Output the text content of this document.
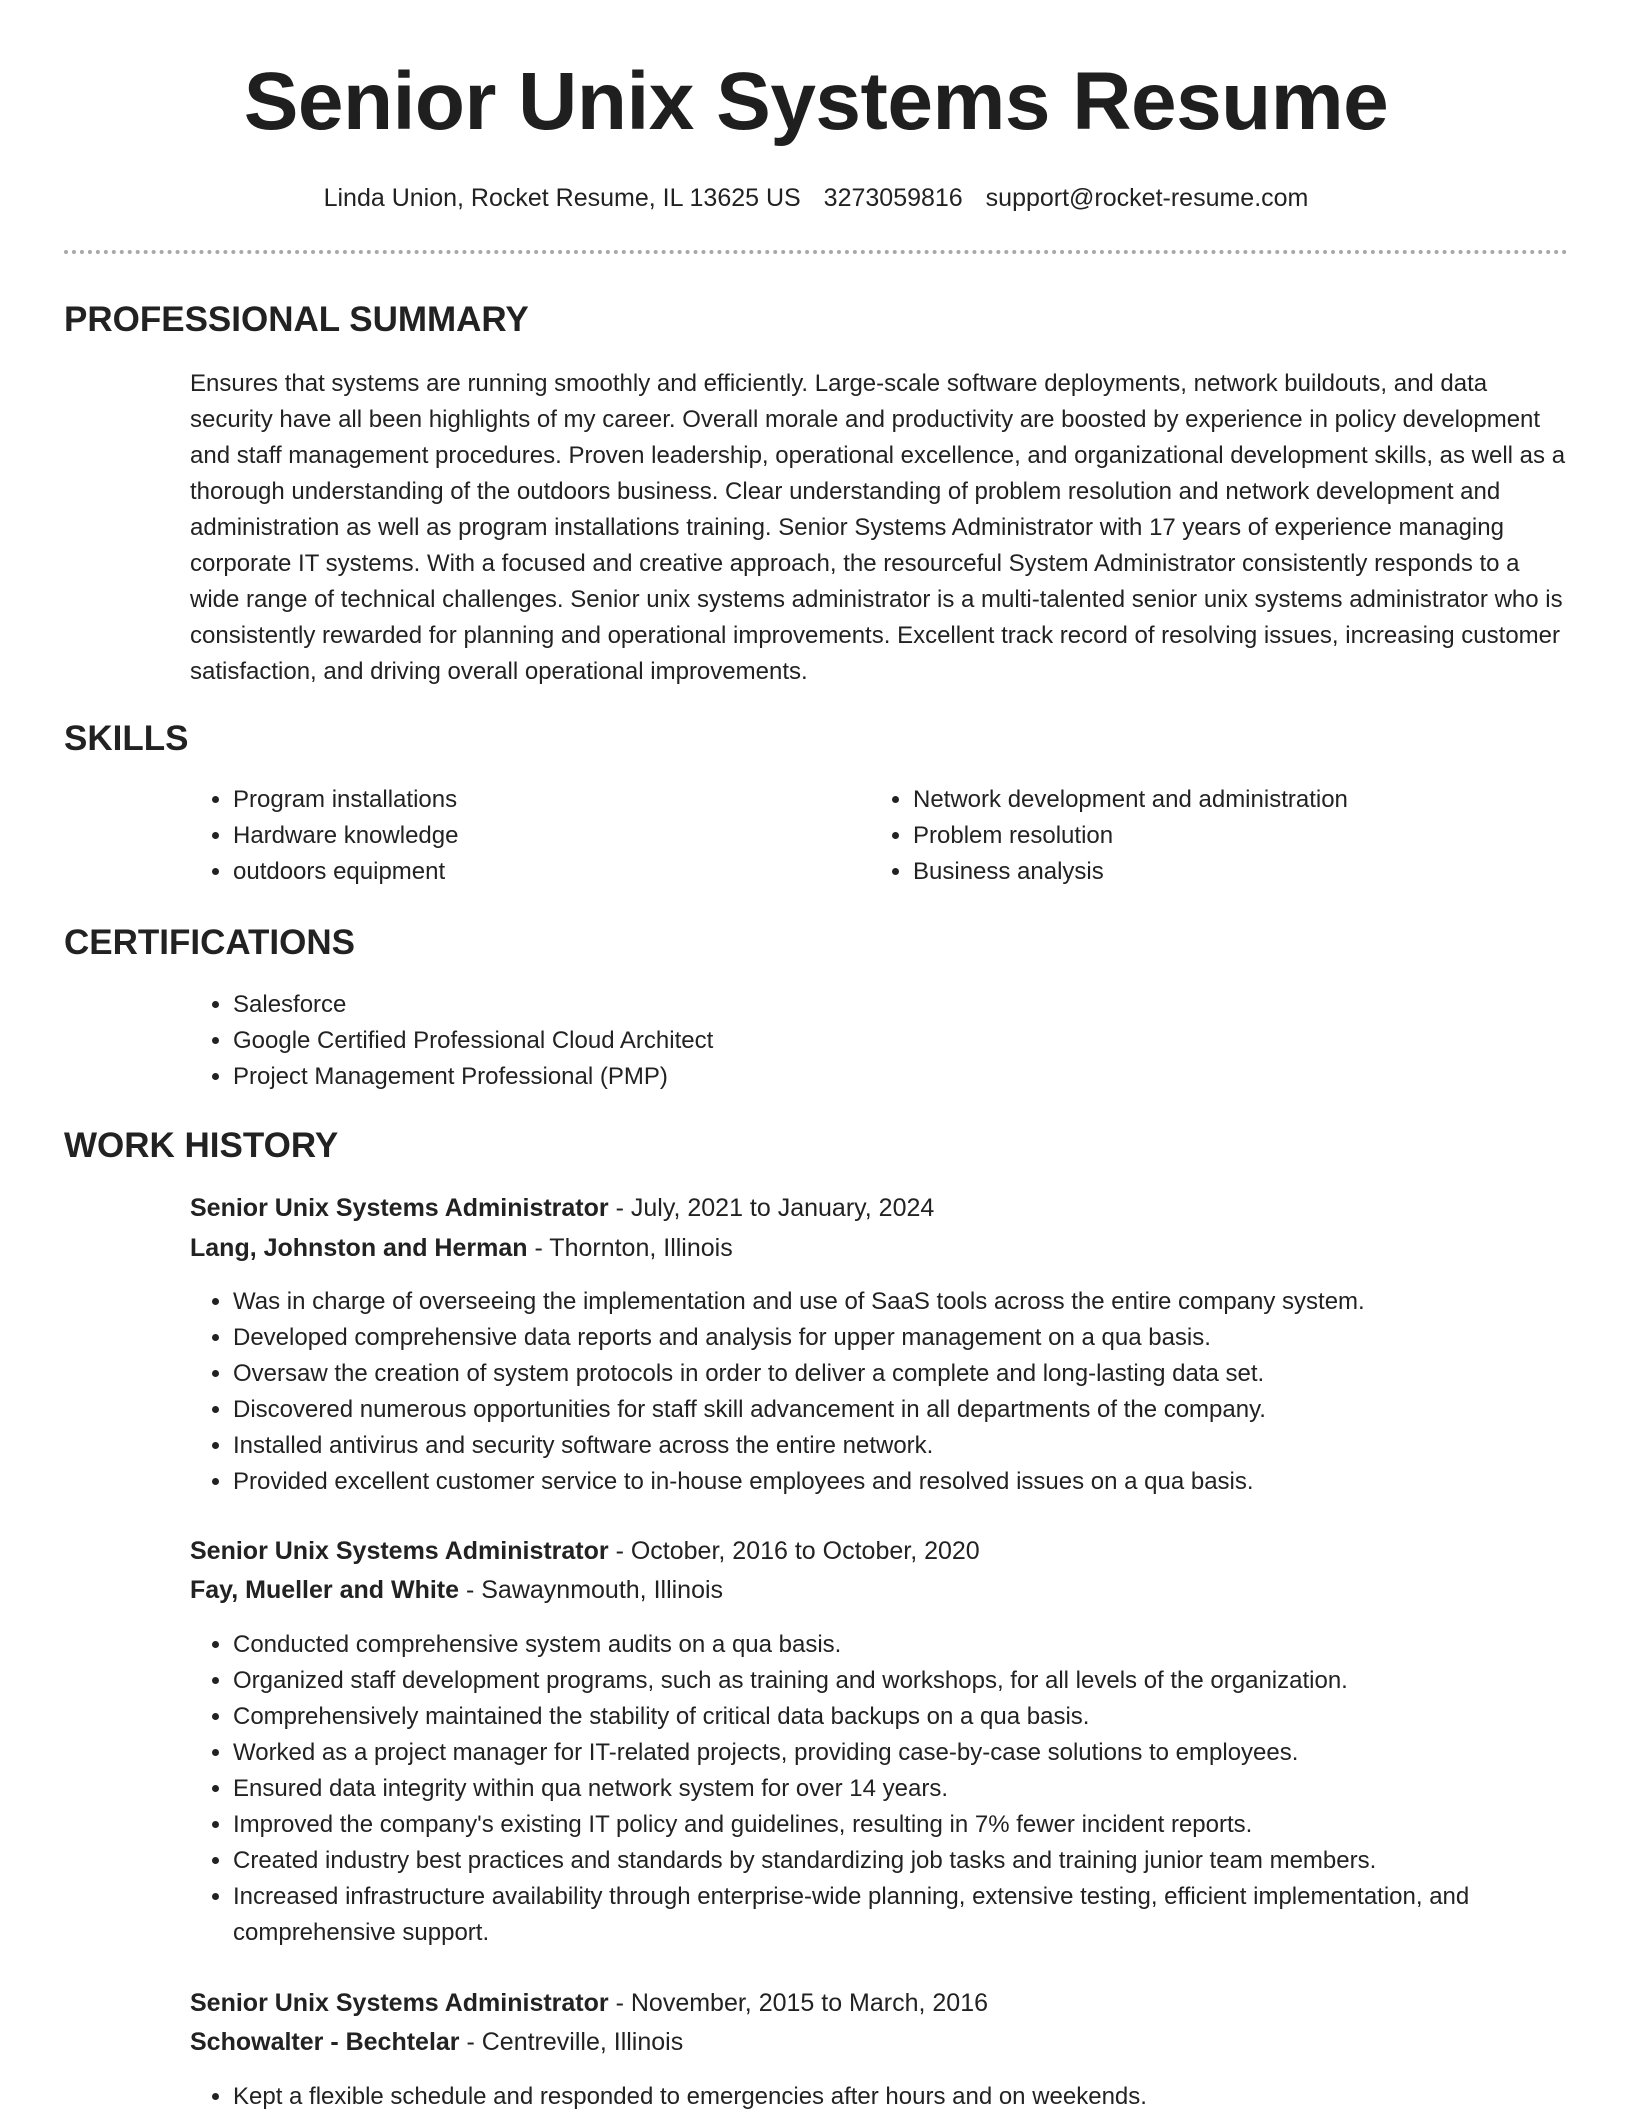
Senior Unix Systems Resume
Linda Union, Rocket Resume, IL 13625 US 3273059816 support@rocket-resume.com
PROFESSIONAL SUMMARY

Ensures that systems are running smoothly and efficiently. Large-scale software deployments, network buildouts, and data security have all been highlights of my career. Overall morale and productivity are boosted by experience in policy development and staff management procedures. Proven leadership, operational excellence, and organizational development skills, as well as a thorough understanding of the outdoors business. Clear understanding of problem resolution and network development and administration as well as program installations training. Senior Systems Administrator with 17 years of experience managing corporate IT systems. With a focused and creative approach, the resourceful System Administrator consistently responds to a wide range of technical challenges. Senior unix systems administrator is a multi-talented senior unix systems administrator who is consistently rewarded for planning and operational improvements. Excellent track record of resolving issues, increasing customer satisfaction, and driving overall operational improvements.

SKILLS
• Program installations
• Hardware knowledge
• outdoors equipment
• Network development and administration
• Problem resolution
• Business analysis
CERTIFICATIONS
• Salesforce
• Google Certified Professional Cloud Architect
• Project Management Professional (PMP)
WORK HISTORY
Senior Unix Systems Administrator - July, 2021 to January, 2024
Lang, Johnston and Herman - Thornton, Illinois
• Was in charge of overseeing the implementation and use of SaaS tools across the entire company system.
• Developed comprehensive data reports and analysis for upper management on a qua basis.
• Oversaw the creation of system protocols in order to deliver a complete and long-lasting data set.
• Discovered numerous opportunities for staff skill advancement in all departments of the company.
• Installed antivirus and security software across the entire network.
• Provided excellent customer service to in-house employees and resolved issues on a qua basis.
Senior Unix Systems Administrator - October, 2016 to October, 2020
Fay, Mueller and White - Sawaynmouth, Illinois
• Conducted comprehensive system audits on a qua basis.
• Organized staff development programs, such as training and workshops, for all levels of the organization.
• Comprehensively maintained the stability of critical data backups on a qua basis.
• Worked as a project manager for IT-related projects, providing case-by-case solutions to employees.
• Ensured data integrity within qua network system for over 14 years.
• Improved the company's existing IT policy and guidelines, resulting in 7% fewer incident reports.
• Created industry best practices and standards by standardizing job tasks and training junior team members.
• Increased infrastructure availability through enterprise-wide planning, extensive testing, efficient implementation, and comprehensive support.
Senior Unix Systems Administrator - November, 2015 to March, 2016
Schowalter - Bechtelar - Centreville, Illinois
• Kept a flexible schedule and responded to emergencies after hours and on weekends.
